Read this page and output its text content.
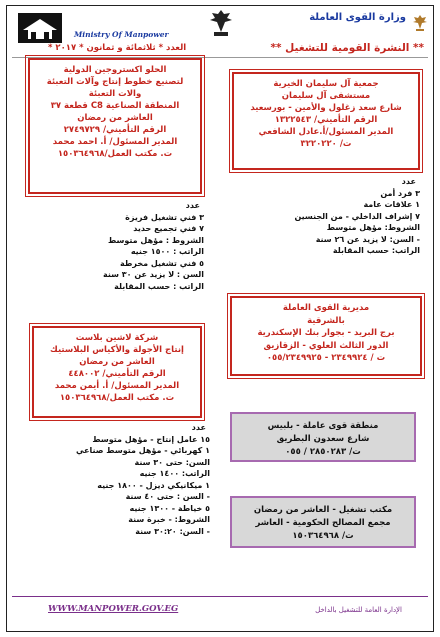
وزارة القوى العاملة
Ministry Of Manpower
** النشرة القومية للتشغيل **
العدد * ثلاثمائة و ثمانون * ٢٠١٧ *
جمعية آل سليمان الخيرية
مستشفى آل سليمان
شارع سعد زغلول والأمين - بورسعيد
الرقم التأميني/ ١٣٢٢٥٤٣
المدير المسئول/أ.عادل الشافعي
ت/ ٣٢٢٠٢٢٠
عدد
٣ فرد أمن
١ علاقات عامة
٧ إشراف الداخلي - من الجنسين
الشروط: مؤهل متوسط
- السن: لا يزيد عن ٢٦ سنة
الراتب: حسب المقابلة
الحلو اكستروجين الدولية
لتصنيع خطوط إنتاج وآلات التعبئة
والات التعبئة
المنطقة الصناعية C8 قطعة ٣٧
العاشر من رمضان
الرقم التأميني/ ٢٧٤٩٧٢٩
المدير المسئول/ أ. احمد محمد
ت. مكتب العمل/١٥٠٣٦٤٩٦٨
عدد
٣ فني تشغيل فريزة
٧ فني تجميع حديد
الشروط : مؤهل متوسط
الراتب : ١٥٠٠ جنيه
٥ فني تشغيل مخرطة
السن : لا يزيد عن ٣٠ سنة
الراتب : حسب المقابلة
مديرية القوى العاملة
بالشرقية
برج البريد - بجوار بنك الإسكندرية
الدور الثالث العلوي - الزقازيق
ت / ٢٣٤٩٩٢٤ - ٠٥٥/٢٣٤٩٩٢٥
شركة لاشين بلاست
إنتاج الأجولة والأكياس البلاستيك
العاشر من رمضان
الرقم التأميني/ ٤٤٨٠٠٢
المدير المسئول/ أ. أيمن محمد
ت. مكتب العمل/١٥٠٣٦٤٩٦٨
عدد
١٥ عامل إنتاج - مؤهل متوسط
١ كهربائي - مؤهل متوسط صناعي
السن: حتى ٣٠ سنة
الراتب: ١٤٠٠ جنيه
١ ميكانيكي ديزل - ١٨٠٠ جنيه
- السن : حتى ٤٠ سنة
٥ خياطة - ١٣٠٠ جنيه
الشروط: - خبرة سنة
- السن: ٣٠:٢٠ سنة
منطقة قوى عاملة - بلبيس
شارع سعدون البطريق
ت/ ٢٨٥٠٢٨٣ / ٠٥٥
مكتب تشغيل - العاشر من رمضان
مجمع المصالح الحكومية - العاشر
ت/ ١٥٠٣٦٤٩٦٨
WWW.MANPOWER.GOV.EG	الإدارة العامة للتشغيل بالداخل
